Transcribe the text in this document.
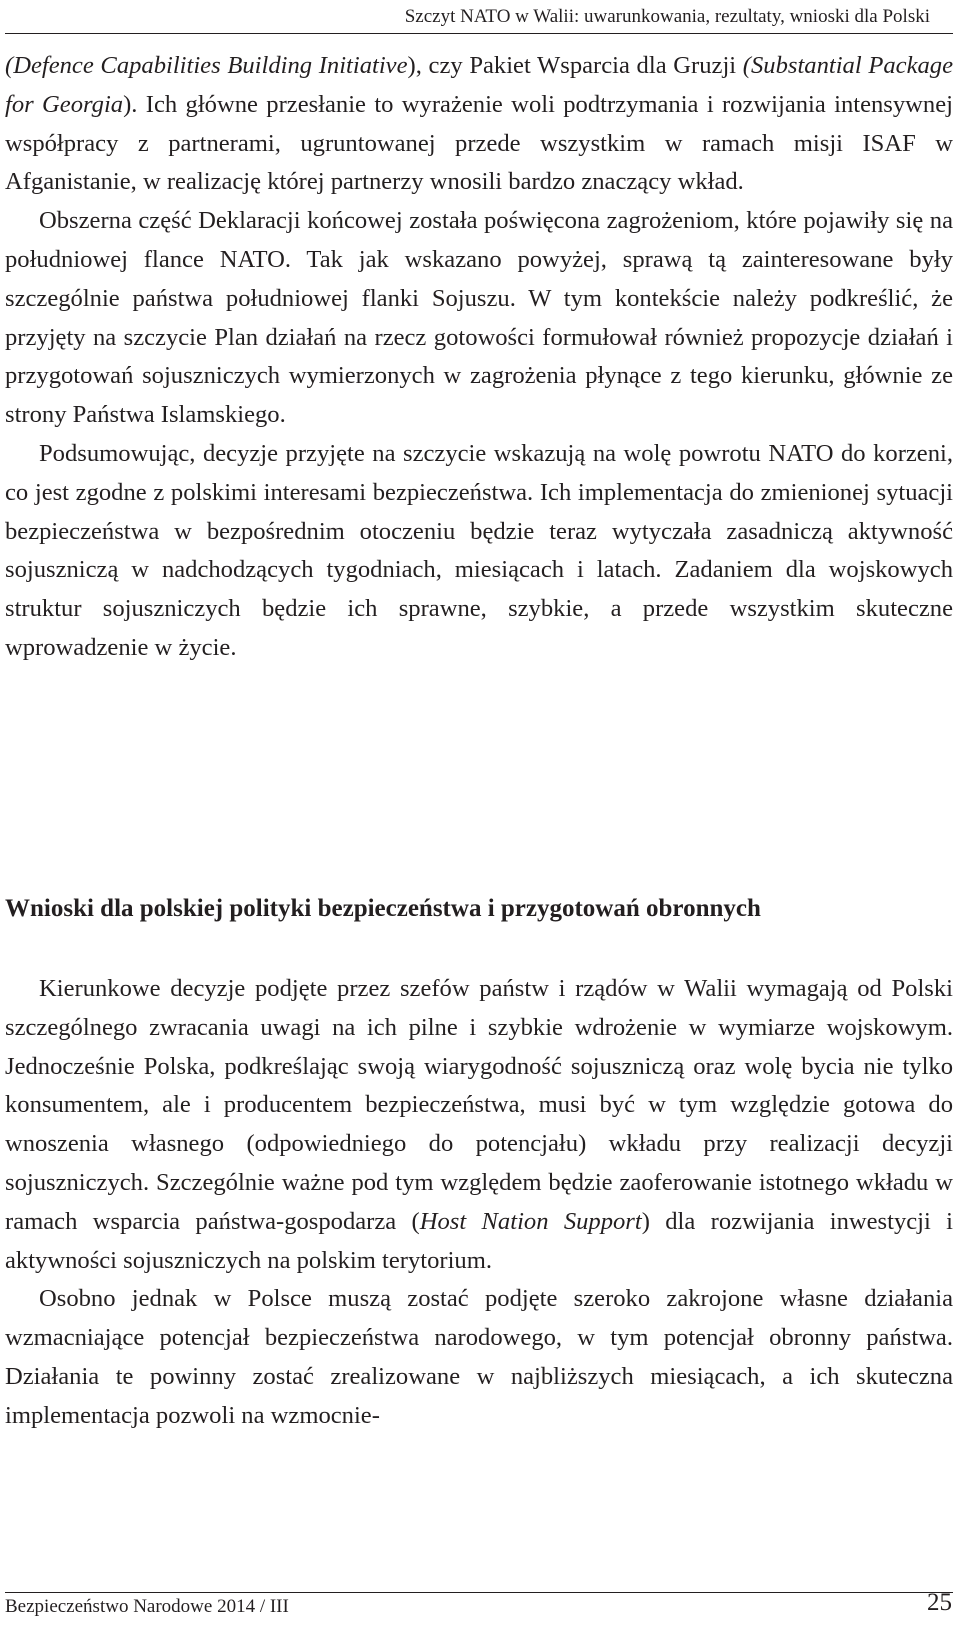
Szczyt NATO w Walii: uwarunkowania, rezultaty, wnioski dla Polski

(Defence Capabilities Building Initiative), czy Pakiet Wsparcia dla Gruzji (Substantial Package for Georgia). Ich główne przesłanie to wyrażenie woli podtrzymania i rozwijania intensywnej współpracy z partnerami, ugruntowanej przede wszystkim w ramach misji ISAF w Afganistanie, w realizację której partnerzy wnosili bardzo znaczący wkład.

Obszerna część Deklaracji końcowej została poświęcona zagrożeniom, które pojawiły się na południowej flance NATO. Tak jak wskazano powyżej, sprawą tą zainteresowane były szczególnie państwa południowej flanki Sojuszu. W tym kontekście należy podkreślić, że przyjęty na szczycie Plan działań na rzecz gotowości formułował również propozycje działań i przygotowań sojuszniczych wymierzonych w zagrożenia płynące z tego kierunku, głównie ze strony Państwa Islamskiego.

Podsumowując, decyzje przyjęte na szczycie wskazują na wolę powrotu NATO do korzeni, co jest zgodne z polskimi interesami bezpieczeństwa. Ich implementacja do zmienionej sytuacji bezpieczeństwa w bezpośrednim otoczeniu będzie teraz wytyczała zasadniczą aktywność sojuszniczą w nadchodzących tygodniach, miesiącach i latach. Zadaniem dla wojskowych struktur sojuszniczych będzie ich sprawne, szybkie, a przede wszystkim skuteczne wprowadzenie w życie.

Wnioski dla polskiej polityki bezpieczeństwa i przygotowań obronnych

Kierunkowe decyzje podjęte przez szefów państw i rządów w Walii wymagają od Polski szczególnego zwracania uwagi na ich pilne i szybkie wdrożenie w wymiarze wojskowym. Jednocześnie Polska, podkreślając swoją wiarygodność sojuszniczą oraz wolę bycia nie tylko konsumentem, ale i producentem bezpieczeństwa, musi być w tym względzie gotowa do wnoszenia własnego (odpowiedniego do potencjału) wkładu przy realizacji decyzji sojuszniczych. Szczególnie ważne pod tym względem będzie zaoferowanie istotnego wkładu w ramach wsparcia państwa-gospodarza (Host Nation Support) dla rozwijania inwestycji i aktywności sojuszniczych na polskim terytorium.

Osobno jednak w Polsce muszą zostać podjęte szeroko zakrojone własne działania wzmacniające potencjał bezpieczeństwa narodowego, w tym potencjał obronny państwa. Działania te powinny zostać zrealizowane w najbliższych miesiącach, a ich skuteczna implementacja pozwoli na wzmocnie-

Bezpieczeństwo Narodowe 2014 / III	25
